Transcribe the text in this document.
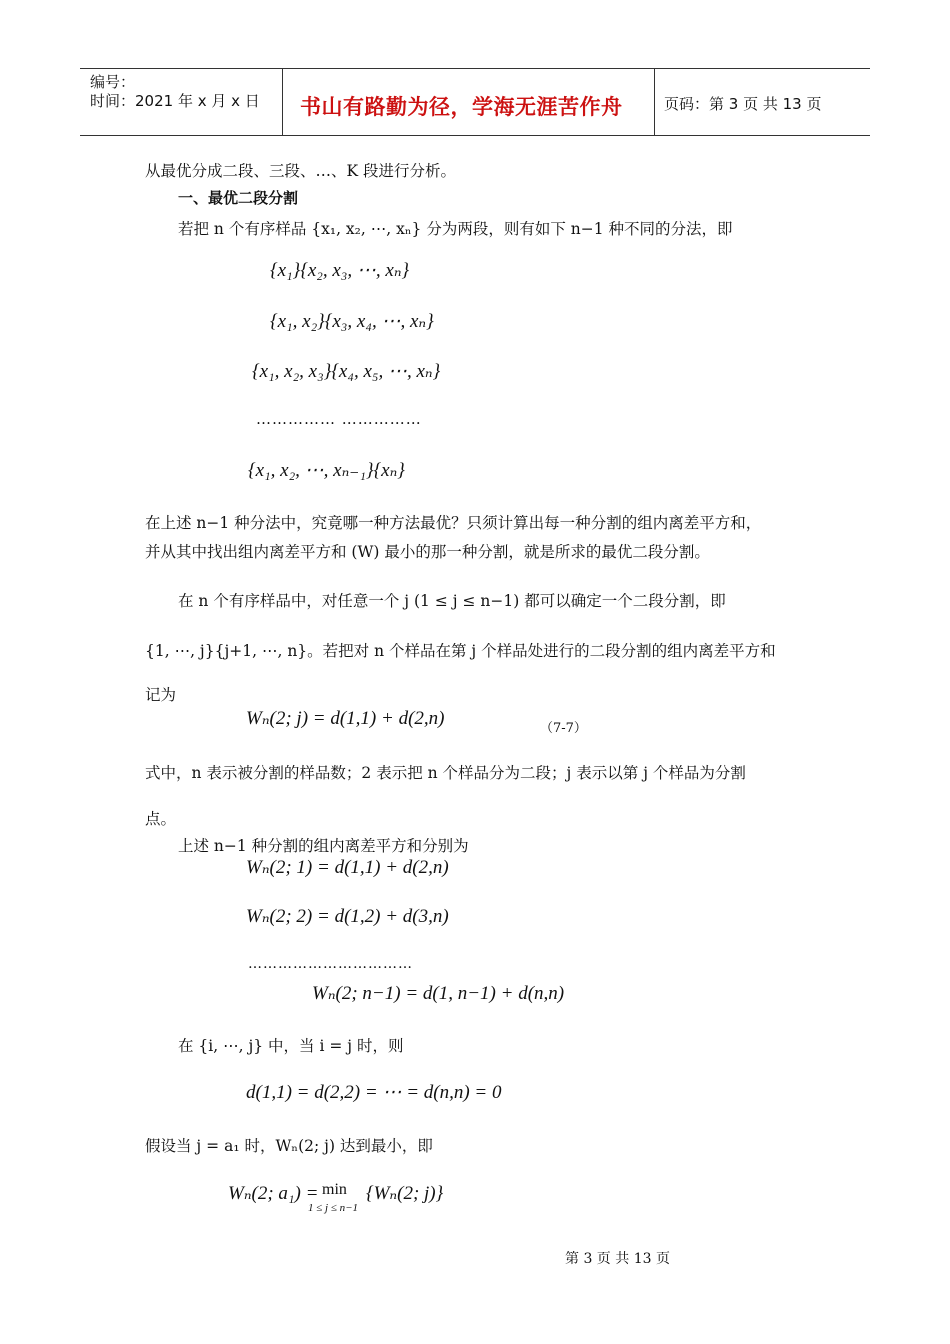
编号：
时间：2021 年 x 月 x 日 书山有路勤为径，学海无涯苦作舟	页码：第 3 页 共 13 页
从最优分成二段、三段、…、K 段进行分析。
一、最优二段分割
若把 n 个有序样品 {x₁, x₂, ⋯, xₙ} 分为两段，则有如下 n−1 种不同的分法，即
{x₁}{x₂, x₃, ⋯, xₙ}
{x₁, x₂}{x₃, x₄, ⋯, xₙ}
{x₁, x₂, x₃}{x₄, x₅, ⋯, xₙ}
…………… ……………
{x₁, x₂, ⋯, xₙ₋₁}{xₙ}
在上述 n−1 种分法中，究竟哪一种方法最优？只须计算出每一种分割的组内离差平方和，
并从其中找出组内离差平方和 (W) 最小的那一种分割，就是所求的最优二段分割。
在 n 个有序样品中，对任意一个 j (1 ≤ j ≤ n−1) 都可以确定一个二段分割，即
{1, ⋯, j}{j+1, ⋯, n}。若把对 n 个样品在第 j 个样品处进行的二段分割的组内离差平方和
记为
Wₙ(2; j) = d(1,1) + d(2,n)	（7-7）
式中，n 表示被分割的样品数；2 表示把 n 个样品分为二段；j 表示以第 j 个样品为分割
点。
上述 n−1 种分割的组内离差平方和分别为
Wₙ(2; 1) = d(1,1) + d(2,n)
Wₙ(2; 2) = d(1,2) + d(3,n)
……………………………
Wₙ(2; n−1) = d(1, n−1) + d(n,n)
在 {i, ⋯, j} 中，当 i = j 时，则
d(1,1) = d(2,2) = ⋯ = d(n,n) = 0
假设当 j = a₁ 时，Wₙ(2; j) 达到最小，即
Wₙ(2; a₁) = min
1 ≤ j ≤ n−1
{Wₙ(2; j)}
第 3 页 共 13 页
